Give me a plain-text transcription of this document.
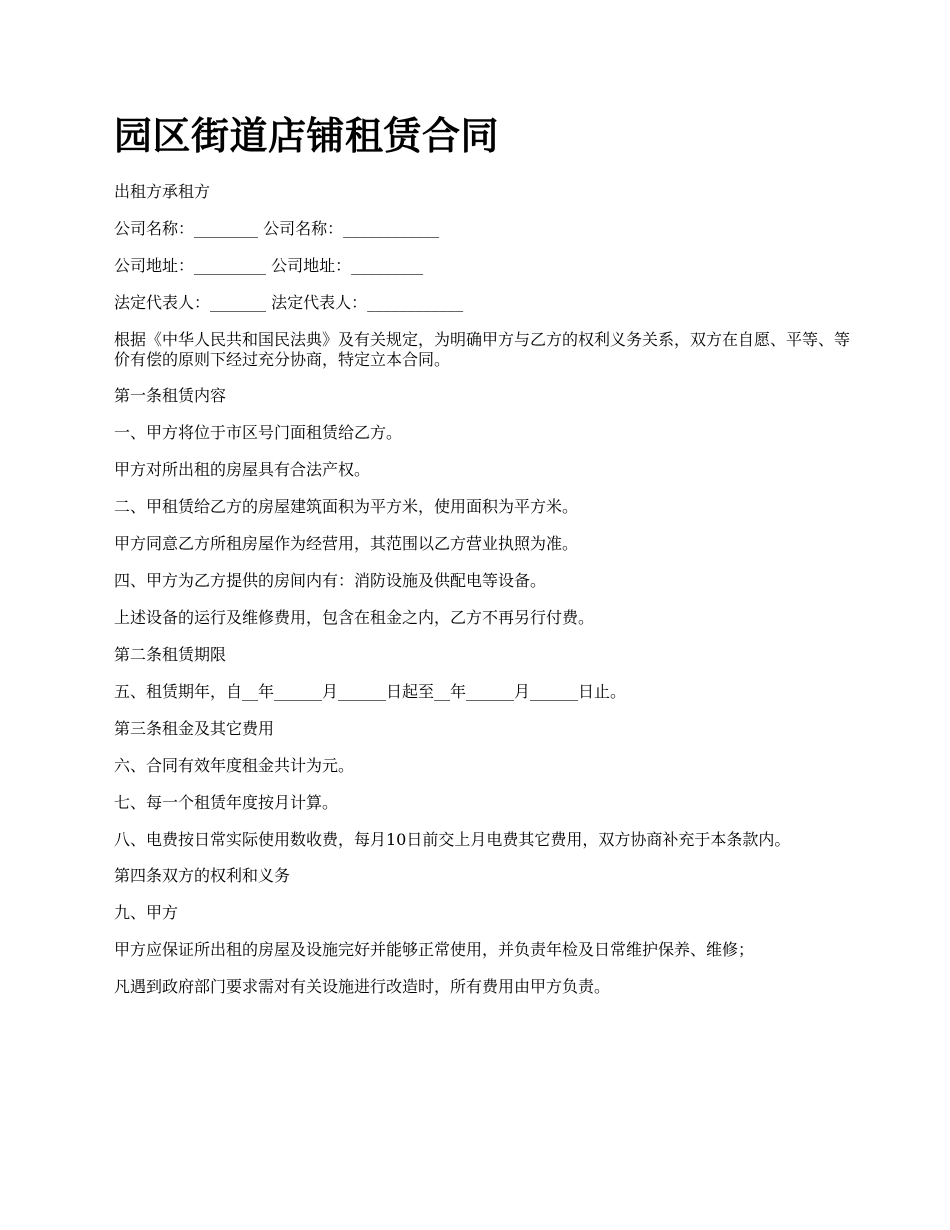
园区街道店铺租赁合同

出租方承租方

公司名称：________ 公司名称：____________

公司地址：_________ 公司地址：_________

法定代表人：_______ 法定代表人：____________

根据《中华人民共和国民法典》及有关规定，为明确甲方与乙方的权利义务关系，双方在自愿、平等、等价有偿的原则下经过充分协商，特定立本合同。

第一条租赁内容

一、甲方将位于市区号门面租赁给乙方。

甲方对所出租的房屋具有合法产权。

二、甲租赁给乙方的房屋建筑面积为平方米，使用面积为平方米。

甲方同意乙方所租房屋作为经营用，其范围以乙方营业执照为准。

四、甲方为乙方提供的房间内有：消防设施及供配电等设备。

上述设备的运行及维修费用，包含在租金之内，乙方不再另行付费。

第二条租赁期限

五、租赁期年，自__年______月______日起至__年______月______日止。

第三条租金及其它费用

六、合同有效年度租金共计为元。

七、每一个租赁年度按月计算。

八、电费按日常实际使用数收费，每月10日前交上月电费其它费用，双方协商补充于本条款内。

第四条双方的权利和义务

九、甲方

甲方应保证所出租的房屋及设施完好并能够正常使用，并负责年检及日常维护保养、维修；

凡遇到政府部门要求需对有关设施进行改造时，所有费用由甲方负责。
